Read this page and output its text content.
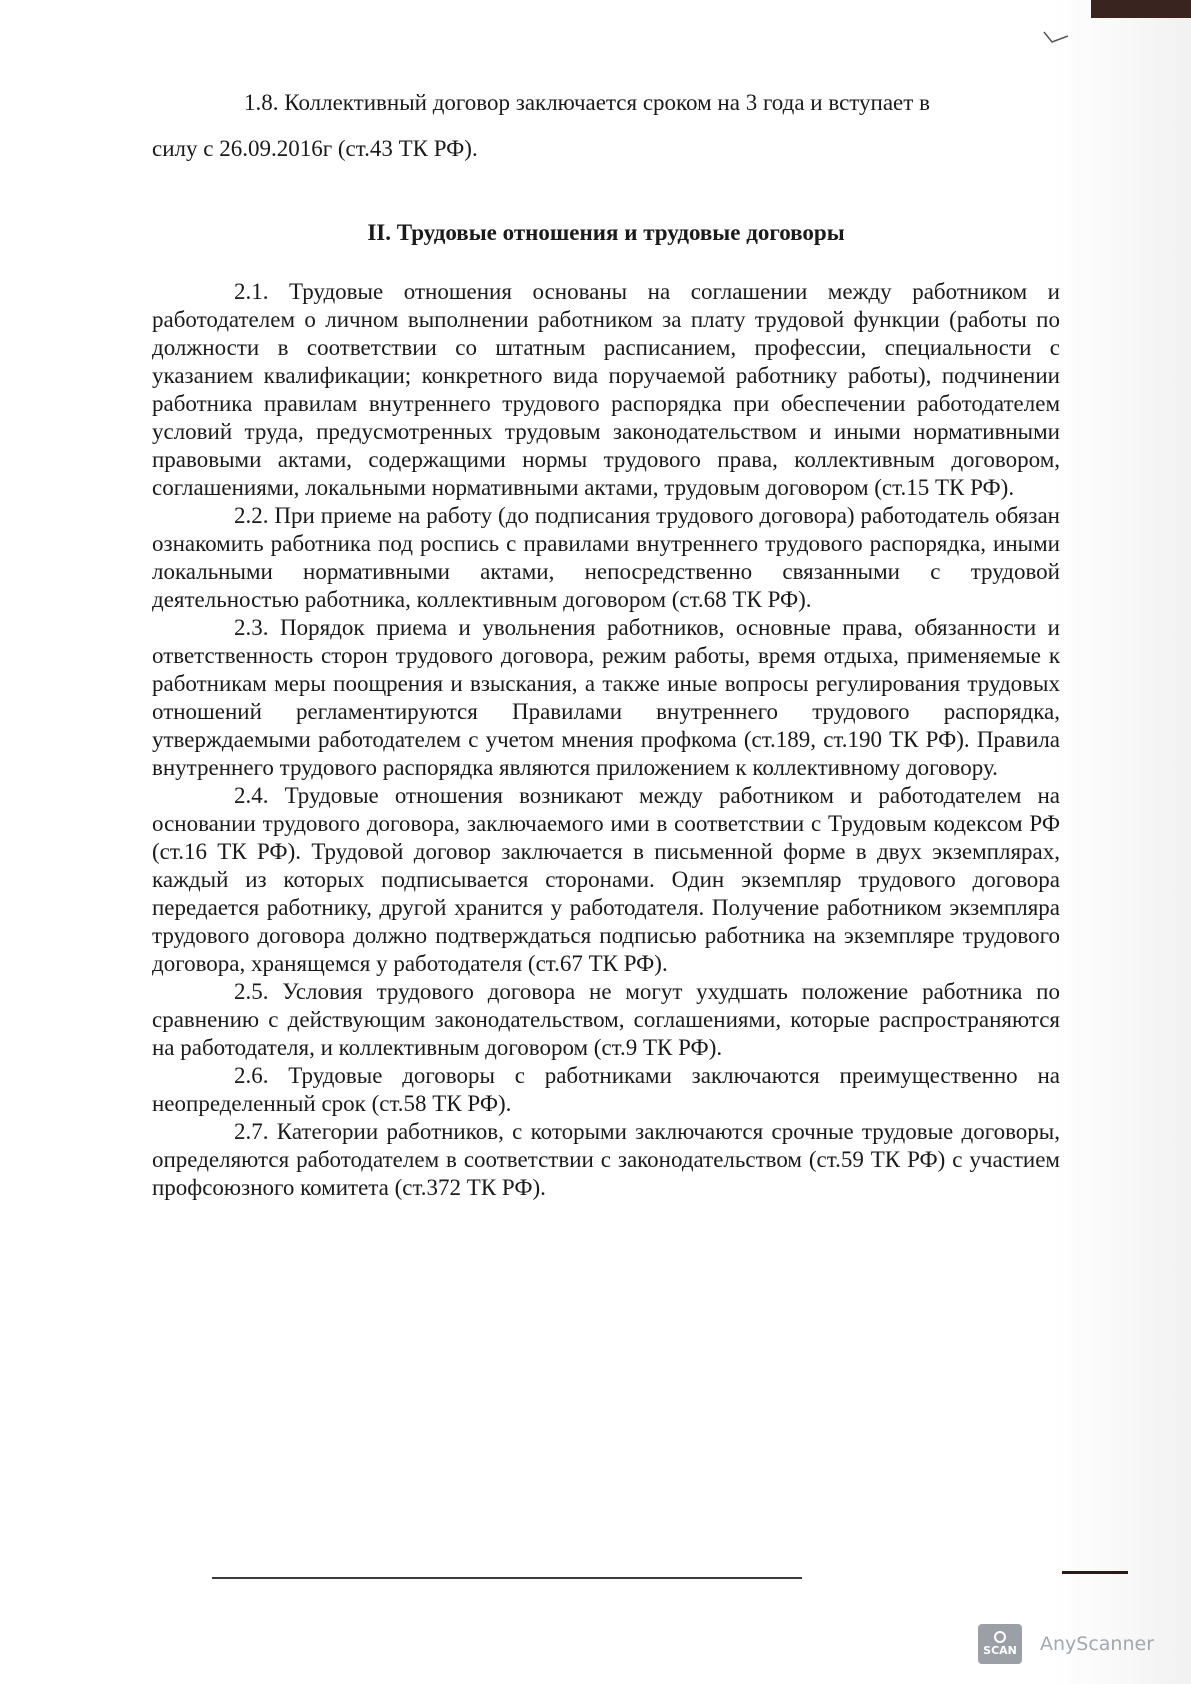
1.8. Коллективный договор заключается сроком на 3 года и вступает в

силу с 26.09.2016г (ст.43 ТК РФ).

II. Трудовые отношения и трудовые договоры

2.1. Трудовые отношения основаны на соглашении между работником и работодателем о личном выполнении работником за плату трудовой функции (работы по должности в соответствии со штатным расписанием, профессии, специальности с указанием квалификации; конкретного вида поручаемой работнику работы), подчинении работника правилам внутреннего трудового распорядка при обеспечении работодателем условий труда, предусмотренных трудовым законодательством и иными нормативными правовыми актами, содержащими нормы трудового права, коллективным договором, соглашениями, локальными нормативными актами, трудовым договором (ст.15 ТК РФ).

2.2. При приеме на работу (до подписания трудового договора) работодатель обязан ознакомить работника под роспись с правилами внутреннего трудового распорядка, иными локальными нормативными актами, непосредственно связанными с трудовой деятельностью работника, коллективным договором (ст.68 ТК РФ).

2.3. Порядок приема и увольнения работников, основные права, обязанности и ответственность сторон трудового договора, режим работы, время отдыха, применяемые к работникам меры поощрения и взыскания, а также иные вопросы регулирования трудовых отношений регламентируются Правилами внутреннего трудового распорядка, утверждаемыми работодателем с учетом мнения профкома (ст.189, ст.190 ТК РФ). Правила внутреннего трудового распорядка являются приложением к коллективному договору.

2.4. Трудовые отношения возникают между работником и работодателем на основании трудового договора, заключаемого ими в соответствии с Трудовым кодексом РФ (ст.16 ТК РФ). Трудовой договор заключается в письменной форме в двух экземплярах, каждый из которых подписывается сторонами. Один экземпляр трудового договора передается работнику, другой хранится у работодателя. Получение работником экземпляра трудового договора должно подтверждаться подписью работника на экземпляре трудового договора, хранящемся у работодателя (ст.67 ТК РФ).

2.5. Условия трудового договора не могут ухудшать положение работника по сравнению с действующим законодательством, соглашениями, которые распространяются на работодателя, и коллективным договором (ст.9 ТК РФ).

2.6. Трудовые договоры с работниками заключаются преимущественно на неопределенный срок (ст.58 ТК РФ).

2.7. Категории работников, с которыми заключаются срочные трудовые договоры, определяются работодателем в соответствии с законодательством (ст.59 ТК РФ) с участием профсоюзного комитета (ст.372 ТК РФ).

SCAN AnyScanner
